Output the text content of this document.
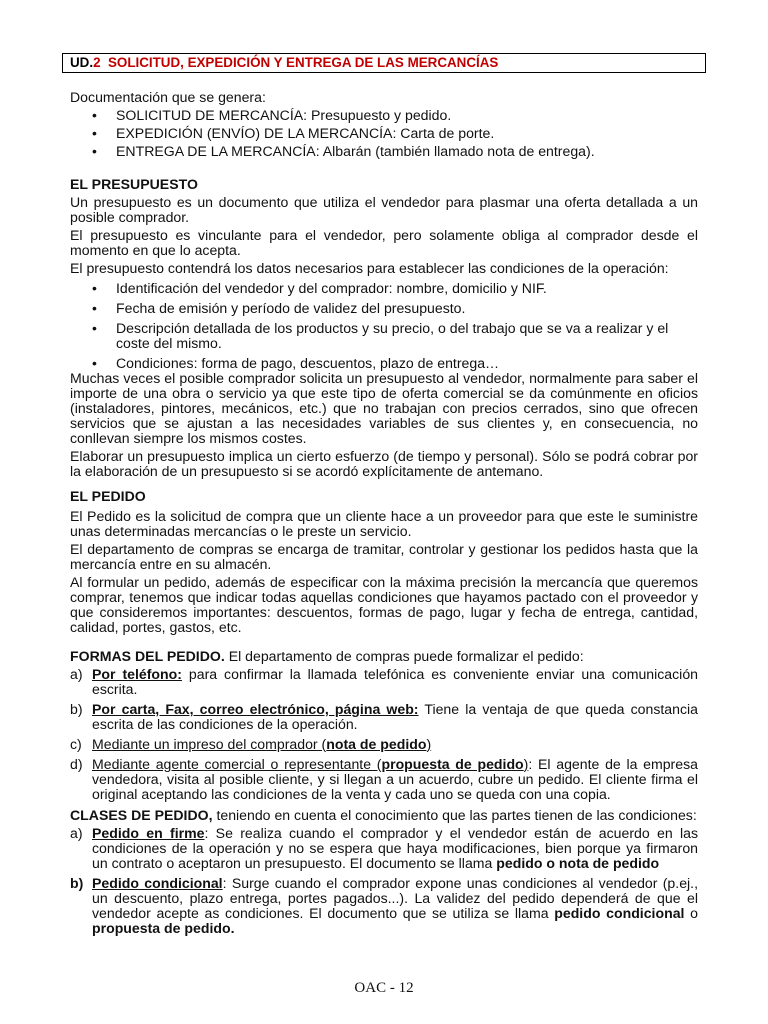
UD.2 SOLICITUD, EXPEDICIÓN Y ENTREGA DE LAS MERCANCÍAS

Documentación que se genera:

• SOLICITUD DE MERCANCÍA: Presupuesto y pedido.
• EXPEDICIÓN (ENVÍO) DE LA MERCANCÍA: Carta de porte.
• ENTREGA DE LA MERCANCÍA: Albarán (también llamado nota de entrega).
EL PRESUPUESTO

Un presupuesto es un documento que utiliza el vendedor para plasmar una oferta detallada a un posible comprador.

El presupuesto es vinculante para el vendedor, pero solamente obliga al comprador desde el momento en que lo acepta.

El presupuesto contendrá los datos necesarios para establecer las condiciones de la operación:

• Identificación del vendedor y del comprador: nombre, domicilio y NIF.
• Fecha de emisión y período de validez del presupuesto.
• Descripción detallada de los productos y su precio, o del trabajo que se va a realizar y el coste del mismo.
• Condiciones: forma de pago, descuentos, plazo de entrega…

Muchas veces el posible comprador solicita un presupuesto al vendedor, normalmente para saber el importe de una obra o servicio ya que este tipo de oferta comercial se da comúnmente en oficios (instaladores, pintores, mecánicos, etc.) que no trabajan con precios cerrados, sino que ofrecen servicios que se ajustan a las necesidades variables de sus clientes y, en consecuencia, no conllevan siempre los mismos costes.

Elaborar un presupuesto implica un cierto esfuerzo (de tiempo y personal). Sólo se podrá cobrar por la elaboración de un presupuesto si se acordó explícitamente de antemano.

EL PEDIDO

El Pedido es la solicitud de compra que un cliente hace a un proveedor para que este le suministre unas determinadas mercancías o le preste un servicio.

El departamento de compras se encarga de tramitar, controlar y gestionar los pedidos hasta que la mercancía entre en su almacén.

Al formular un pedido, además de especificar con la máxima precisión la mercancía que queremos comprar, tenemos que indicar todas aquellas condiciones que hayamos pactado con el proveedor y que consideremos importantes: descuentos, formas de pago, lugar y fecha de entrega, cantidad, calidad, portes, gastos, etc.

FORMAS DEL PEDIDO. El departamento de compras puede formalizar el pedido:

a) Por teléfono: para confirmar la llamada telefónica es conveniente enviar una comunicación escrita.
b) Por carta, Fax, correo electrónico, página web: Tiene la ventaja de que queda constancia escrita de las condiciones de la operación.
c) Mediante un impreso del comprador (nota de pedido)
d) Mediante agente comercial o representante (propuesta de pedido): El agente de la empresa vendedora, visita al posible cliente, y si llegan a un acuerdo, cubre un pedido. El cliente firma el original aceptando las condiciones de la venta y cada uno se queda con una copia.

CLASES DE PEDIDO, teniendo en cuenta el conocimiento que las partes tienen de las condiciones:

a) Pedido en firme: Se realiza cuando el comprador y el vendedor están de acuerdo en las condiciones de la operación y no se espera que haya modificaciones, bien porque ya firmaron un contrato o aceptaron un presupuesto. El documento se llama pedido o nota de pedido
b) Pedido condicional: Surge cuando el comprador expone unas condiciones al vendedor (p.ej., un descuento, plazo entrega, portes pagados...). La validez del pedido dependerá de que el vendedor acepte as condiciones. El documento que se utiliza se llama pedido condicional o propuesta de pedido.
OAC - 12
